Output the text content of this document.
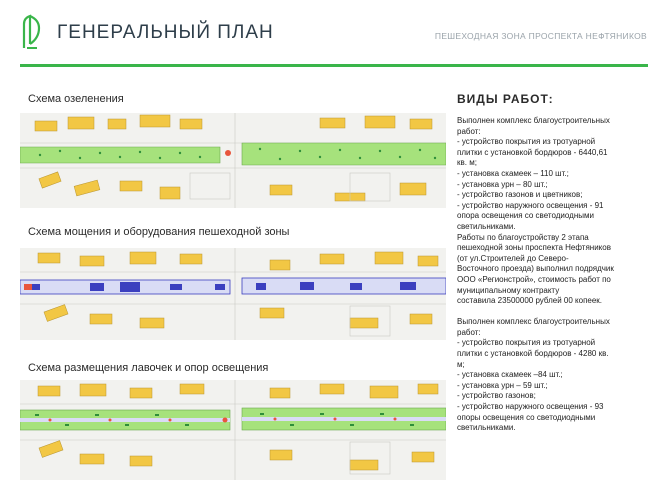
ГЕНЕРАЛЬНЫЙ ПЛАН	ПЕШЕХОДНАЯ ЗОНА ПРОСПЕКТА НЕФТЯНИКОВ
Схема озеленения
Схема мощения и оборудования пешеходной зоны
Схема размещения лавочек и опор освещения
ВИДЫ РАБОТ:

Выполнен комплекс благоустроительных

работ:

- устройство покрытия из тротуарной

плитки с установкой бордюров - 6440,61

кв. м;

- установка скамеек – 110 шт.;

- установка урн – 80 шт.;

- устройство газонов и цветников;

- устройство наружного освещения - 91

опора освещения со светодиодными

светильниками.

Работы по благоустройству 2 этапа

пешеходной зоны проспекта Нефтяников

(от ул.Строителей до Северо-

Восточного проезда) выполнил подрядчик

ООО «Регионстрой», стоимость работ по

муниципальному контракту

составила 23500000 рублей 00 копеек.

Выполнен комплекс благоустроительных

работ:

- устройство покрытия из тротуарной

плитки с установкой бордюров - 4280 кв.

м;

- установка скамеек –84 шт.;

- установка урн – 59 шт.;

- устройство газонов;

- устройство наружного освещения - 93

опоры освещения со светодиодными

светильниками.
